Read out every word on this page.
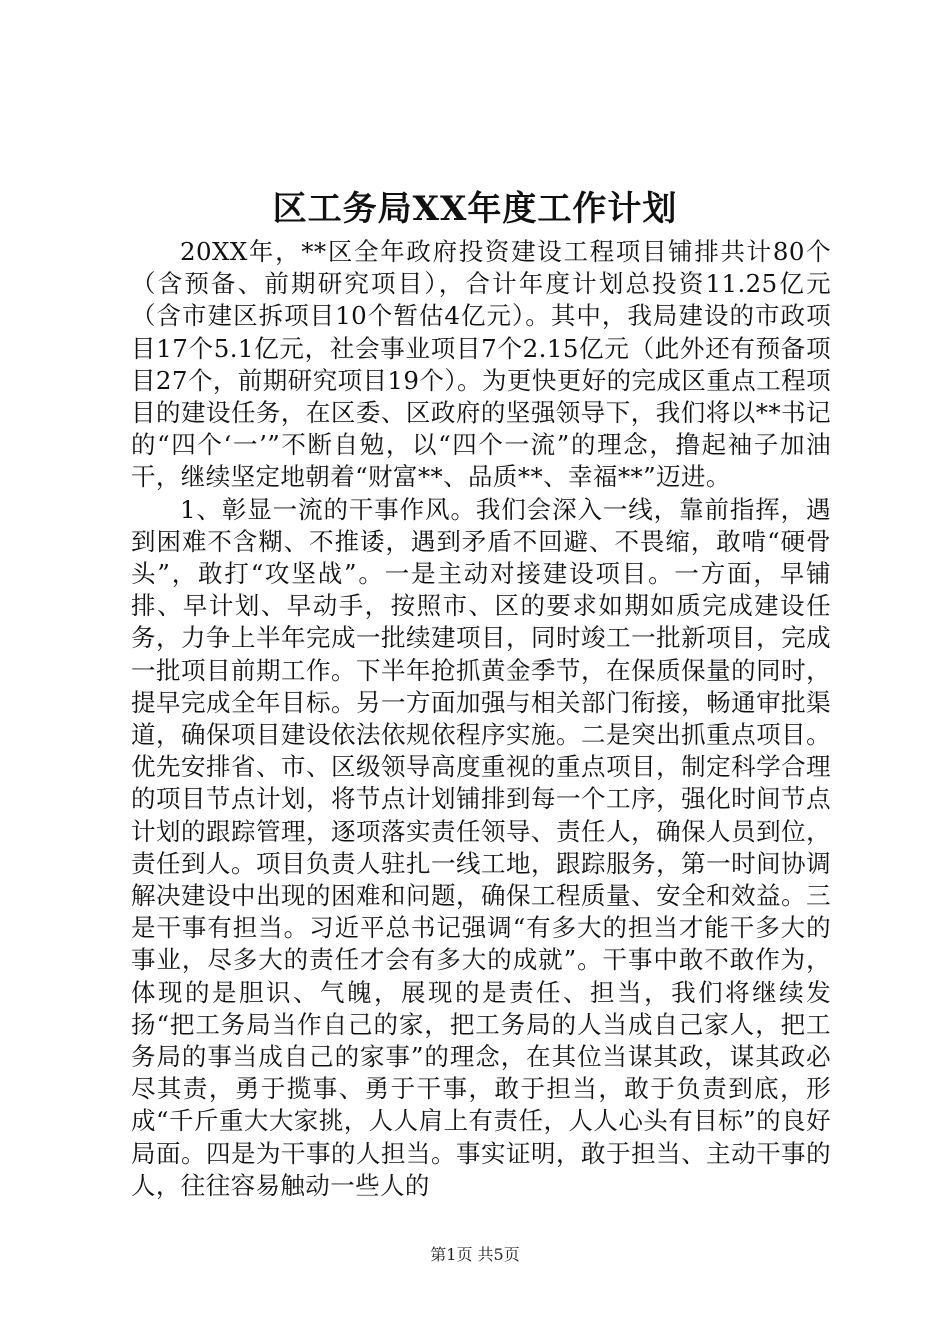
区工务局XX年度工作计划

20XX年，**区全年政府投资建设工程项目铺排共计80个（含预备、前期研究项目），合计年度计划总投资11.25亿元（含市建区拆项目10个暂估4亿元）。其中，我局建设的市政项目17个5.1亿元，社会事业项目7个2.15亿元（此外还有预备项目27个，前期研究项目19个）。为更快更好的完成区重点工程项目的建设任务，在区委、区政府的坚强领导下，我们将以**书记的“四个‘一’”不断自勉，以“四个一流”的理念，撸起袖子加油干，继续坚定地朝着“财富**、品质**、幸福**”迈进。

1、彰显一流的干事作风。我们会深入一线，靠前指挥，遇到困难不含糊、不推诿，遇到矛盾不回避、不畏缩，敢啃“硬骨头”，敢打“攻坚战”。一是主动对接建设项目。一方面，早铺排、早计划、早动手，按照市、区的要求如期如质完成建设任务，力争上半年完成一批续建项目，同时竣工一批新项目，完成一批项目前期工作。下半年抢抓黄金季节，在保质保量的同时，提早完成全年目标。另一方面加强与相关部门衔接，畅通审批渠道，确保项目建设依法依规依程序实施。二是突出抓重点项目。优先安排省、市、区级领导高度重视的重点项目，制定科学合理的项目节点计划，将节点计划铺排到每一个工序，强化时间节点计划的跟踪管理，逐项落实责任领导、责任人，确保人员到位，责任到人。项目负责人驻扎一线工地，跟踪服务，第一时间协调解决建设中出现的困难和问题，确保工程质量、安全和效益。三是干事有担当。习近平总书记强调“有多大的担当才能干多大的事业，尽多大的责任才会有多大的成就”。干事中敢不敢作为，体现的是胆识、气魄，展现的是责任、担当，我们将继续发扬“把工务局当作自己的家，把工务局的人当成自己家人，把工务局的事当成自己的家事”的理念，在其位当谋其政，谋其政必尽其责，勇于揽事、勇于干事，敢于担当，敢于负责到底，形成“千斤重大大家挑，人人肩上有责任，人人心头有目标”的良好局面。四是为干事的人担当。事实证明，敢于担当、主动干事的人，往往容易触动一些人的

第1页 共5页
